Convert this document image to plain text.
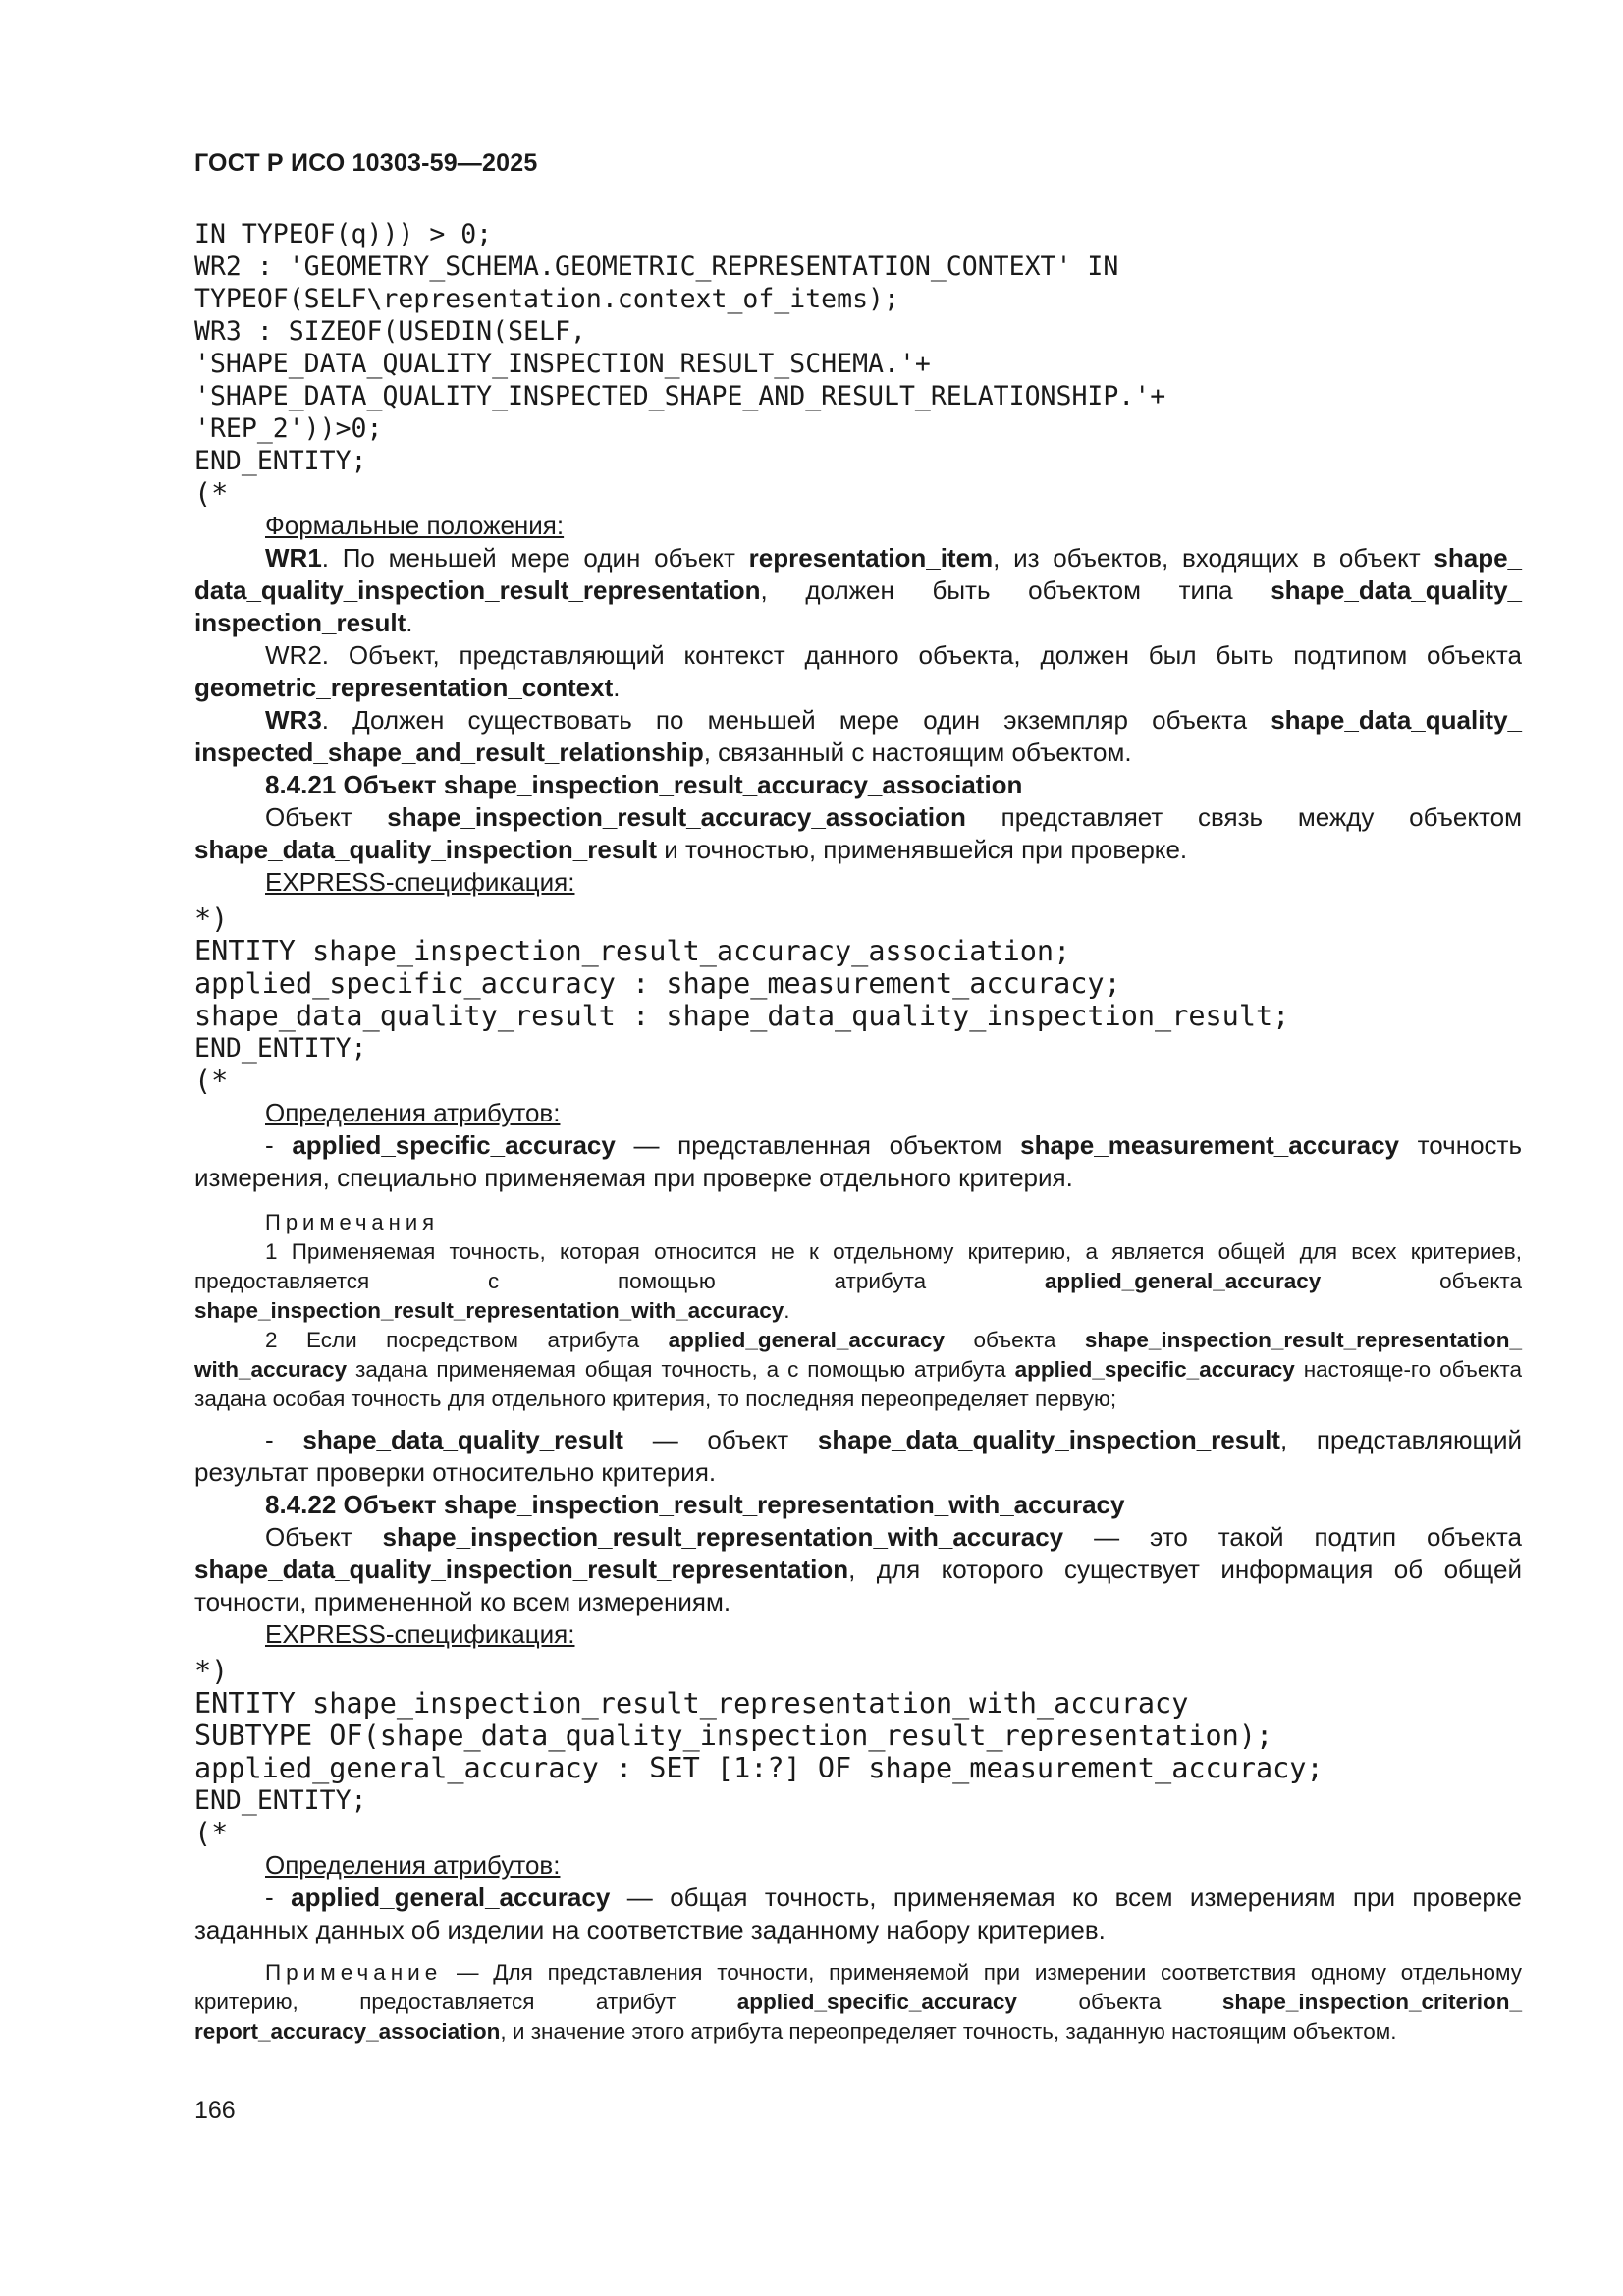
ГОСТ Р ИСО 10303-59—2025
IN TYPEOF(q))) > 0;
WR2 : 'GEOMETRY_SCHEMA.GEOMETRIC_REPRESENTATION_CONTEXT' IN
TYPEOF(SELF\representation.context_of_items);
WR3 : SIZEOF(USEDIN(SELF,
'SHAPE_DATA_QUALITY_INSPECTION_RESULT_SCHEMA.'+
'SHAPE_DATA_QUALITY_INSPECTED_SHAPE_AND_RESULT_RELATIONSHIP.'+
'REP_2'))>0;
END_ENTITY;
(*

Формальные положения:

WR1. По меньшей мере один объект representation_item, из объектов, входящих в объект shape_ data_quality_inspection_result_representation, должен быть объектом типа shape_data_quality_ inspection_result.

WR2. Объект, представляющий контекст данного объекта, должен был быть подтипом объекта geometric_representation_context.

WR3. Должен существовать по меньшей мере один экземпляр объекта shape_data_quality_ inspected_shape_and_result_relationship, связанный с настоящим объектом.

8.4.21 Объект shape_inspection_result_accuracy_association

Объект shape_inspection_result_accuracy_association представляет связь между объектом shape_data_quality_inspection_result и точностью, применявшейся при проверке.

EXPRESS-спецификация:

*)
ENTITY shape_inspection_result_accuracy_association;
applied_specific_accuracy : shape_measurement_accuracy;
shape_data_quality_result : shape_data_quality_inspection_result;
END_ENTITY;
(*

Определения атрибутов:

- applied_specific_accuracy — представленная объектом shape_measurement_accuracy точность измерения, специально применяемая при проверке отдельного критерия.

Примечания

1 Применяемая точность, которая относится не к отдельному критерию, а является общей для всех критериев, предоставляется с помощью атрибута applied_general_accuracy объекта shape_inspection_result_representation_with_accuracy.

2 Если посредством атрибута applied_general_accuracy объекта shape_inspection_result_representation_ with_accuracy задана применяемая общая точность, а с помощью атрибута applied_specific_accuracy настояще-го объекта задана особая точность для отдельного критерия, то последняя переопределяет первую;

- shape_data_quality_result — объект shape_data_quality_inspection_result, представляющий результат проверки относительно критерия.

8.4.22 Объект shape_inspection_result_representation_with_accuracy

Объект shape_inspection_result_representation_with_accuracy — это такой подтип объекта shape_data_quality_inspection_result_representation, для которого существует информация об общей точности, примененной ко всем измерениям.

EXPRESS-спецификация:

*)
ENTITY shape_inspection_result_representation_with_accuracy
SUBTYPE OF(shape_data_quality_inspection_result_representation);
applied_general_accuracy : SET [1:?] OF shape_measurement_accuracy;
END_ENTITY;
(*

Определения атрибутов:

- applied_general_accuracy — общая точность, применяемая ко всем измерениям при проверке заданных данных об изделии на соответствие заданному набору критериев.

Примечание — Для представления точности, применяемой при измерении соответствия одному отдельному критерию, предоставляется атрибут applied_specific_accuracy объекта shape_inspection_criterion_ report_accuracy_association, и значение этого атрибута переопределяет точность, заданную настоящим объектом.

166
